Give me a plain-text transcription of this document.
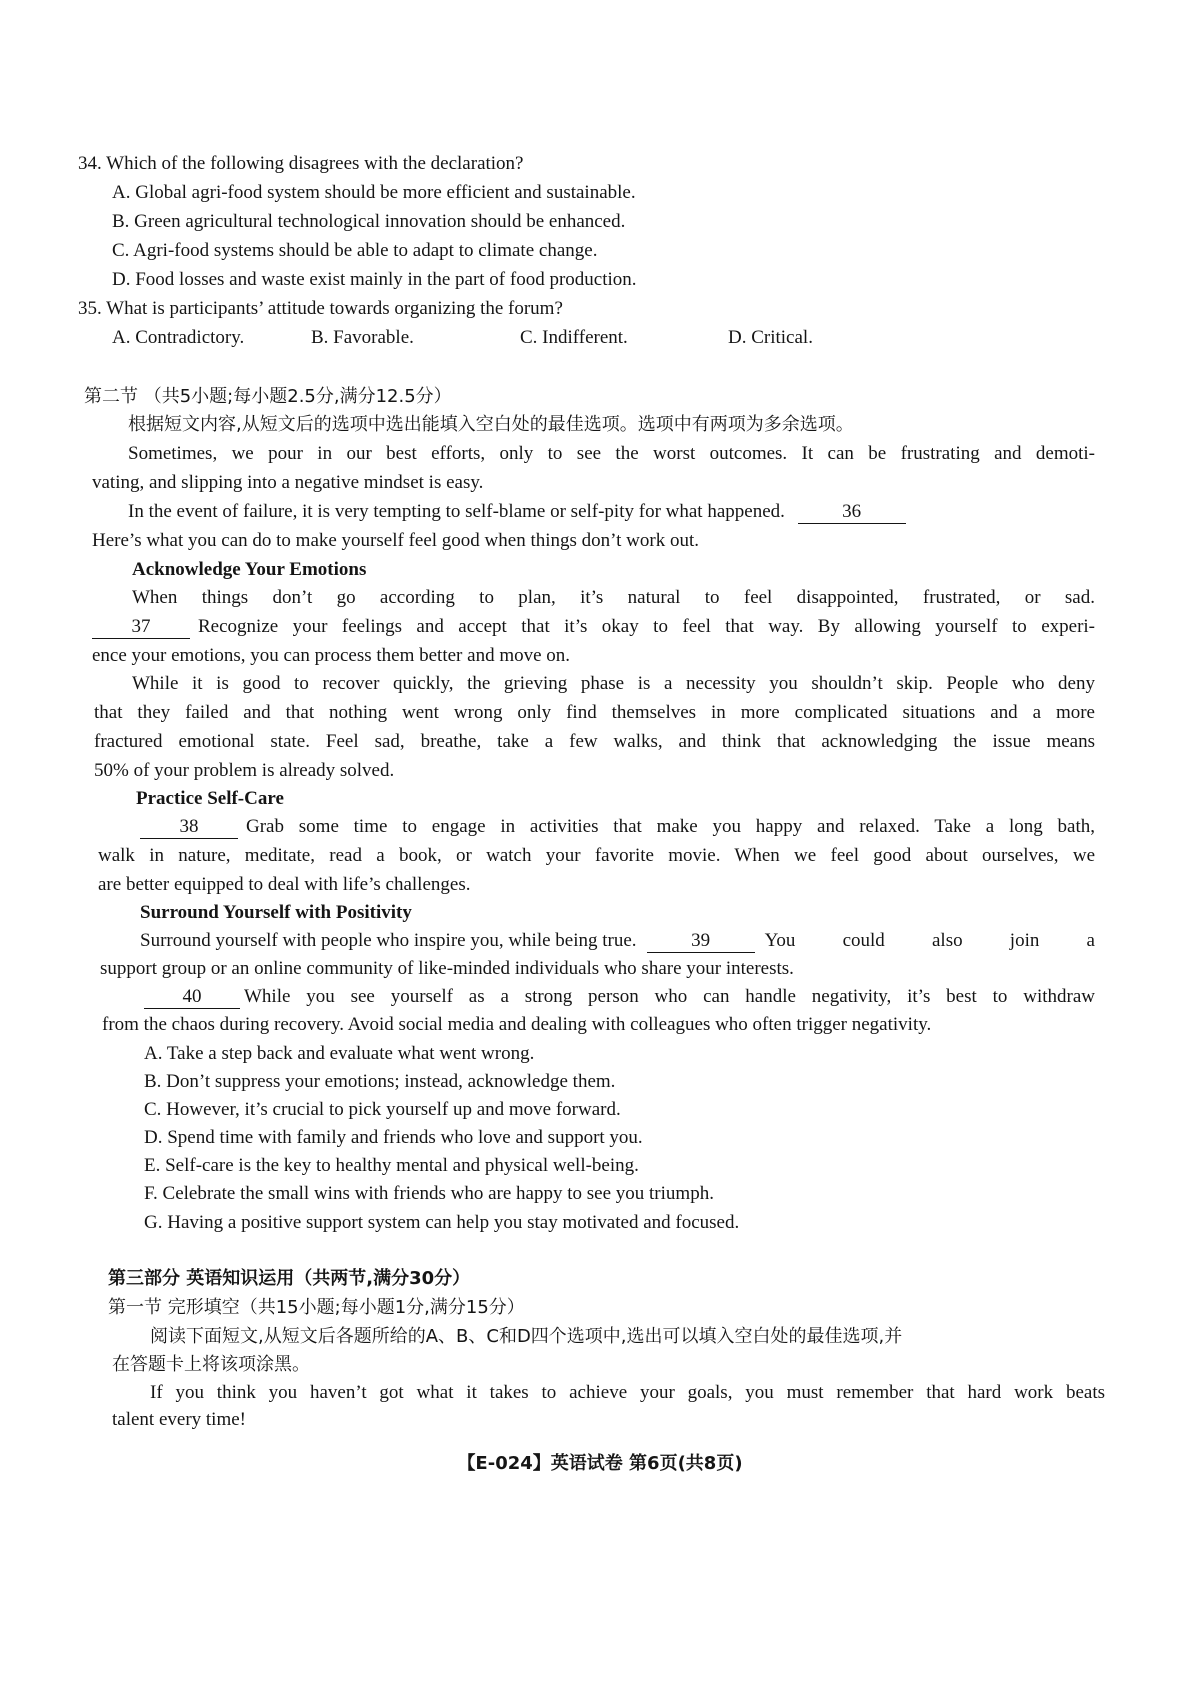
34. Which of the following disagrees with the declaration?
A. Global agri-food system should be more efficient and sustainable.
B. Green agricultural technological innovation should be enhanced.
C. Agri-food systems should be able to adapt to climate change.
D. Food losses and waste exist mainly in the part of food production.
35. What is participants’ attitude towards organizing the forum?
A. Contradictory.	B. Favorable.	C. Indifferent.	D. Critical.
第二节 （共5小题;每小题2.5分,满分12.5分）
根据短文内容,从短文后的选项中选出能填入空白处的最佳选项。选项中有两项为多余选项。
Sometimes, we pour in our best efforts, only to see the worst outcomes. It can be frustrating and demoti-
vating, and slipping into a negative mindset is easy.
In the event of failure, it is very tempting to self-blame or self-pity for what happened.	36
Here’s what you can do to make yourself feel good when things don’t work out.
Acknowledge Your Emotions
When things don’t go according to plan, it’s natural to feel disappointed, frustrated, or sad.
37	Recognize your feelings and accept that it’s okay to feel that way. By allowing yourself to experi-
ence your emotions, you can process them better and move on.
While it is good to recover quickly, the grieving phase is a necessity you shouldn’t skip. People who deny
that they failed and that nothing went wrong only find themselves in more complicated situations and a more
fractured emotional state. Feel sad, breathe, take a few walks, and think that acknowledging the issue means
50% of your problem is already solved.
Practice Self-Care
38	Grab some time to engage in activities that make you happy and relaxed. Take a long bath,
walk in nature, meditate, read a book, or watch your favorite movie. When we feel good about ourselves, we
are better equipped to deal with life’s challenges.
Surround Yourself with Positivity
Surround yourself with people who inspire you, while being true.	39	You could also join a
support group or an online community of like-minded individuals who share your interests.
40	While you see yourself as a strong person who can handle negativity, it’s best to withdraw
from the chaos during recovery. Avoid social media and dealing with colleagues who often trigger negativity.
A. Take a step back and evaluate what went wrong.
B. Don’t suppress your emotions; instead, acknowledge them.
C. However, it’s crucial to pick yourself up and move forward.
D. Spend time with family and friends who love and support you.
E. Self-care is the key to healthy mental and physical well-being.
F. Celebrate the small wins with friends who are happy to see you triumph.
G. Having a positive support system can help you stay motivated and focused.
第三部分 英语知识运用（共两节,满分30分）
第一节 完形填空（共15小题;每小题1分,满分15分）
阅读下面短文,从短文后各题所给的A、B、C和D四个选项中,选出可以填入空白处的最佳选项,并
在答题卡上将该项涂黑。
If you think you haven’t got what it takes to achieve your goals, you must remember that hard work beats
talent every time!
【E-024】英语试卷 第6页(共8页)
